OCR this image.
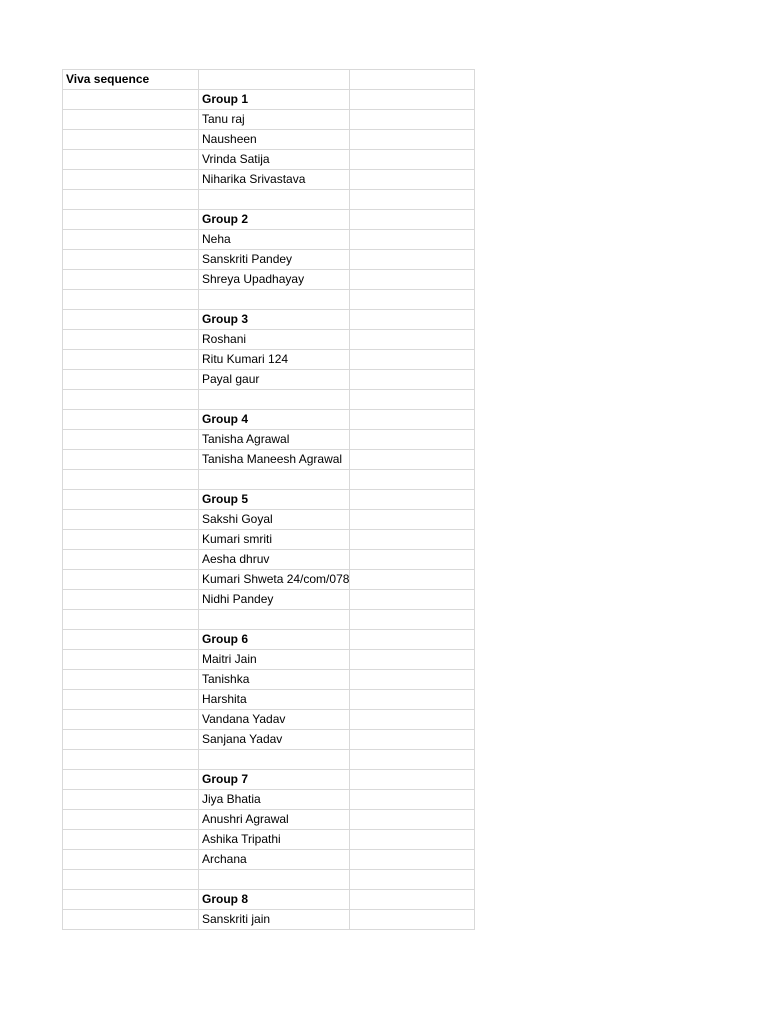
Viva sequence		
	Group 1	
	Tanu raj	
	Nausheen	
	Vrinda Satija	
	Niharika Srivastava	

	Group 2	
	Neha	
	Sanskriti Pandey	
	Shreya Upadhayay	

	Group 3	
	Roshani	
	Ritu Kumari 124	
	Payal gaur	

	Group 4	
	Tanisha Agrawal	
	Tanisha Maneesh Agrawal	

	Group 5	
	Sakshi Goyal	
	Kumari smriti	
	Aesha dhruv	
	Kumari Shweta 24/com/078	
	Nidhi Pandey	

	Group 6	
	Maitri Jain	
	Tanishka	
	Harshita	
	Vandana Yadav	
	Sanjana Yadav	

	Group 7	
	Jiya Bhatia	
	Anushri Agrawal	
	Ashika Tripathi	
	Archana	

	Group 8	
	Sanskriti jain	
